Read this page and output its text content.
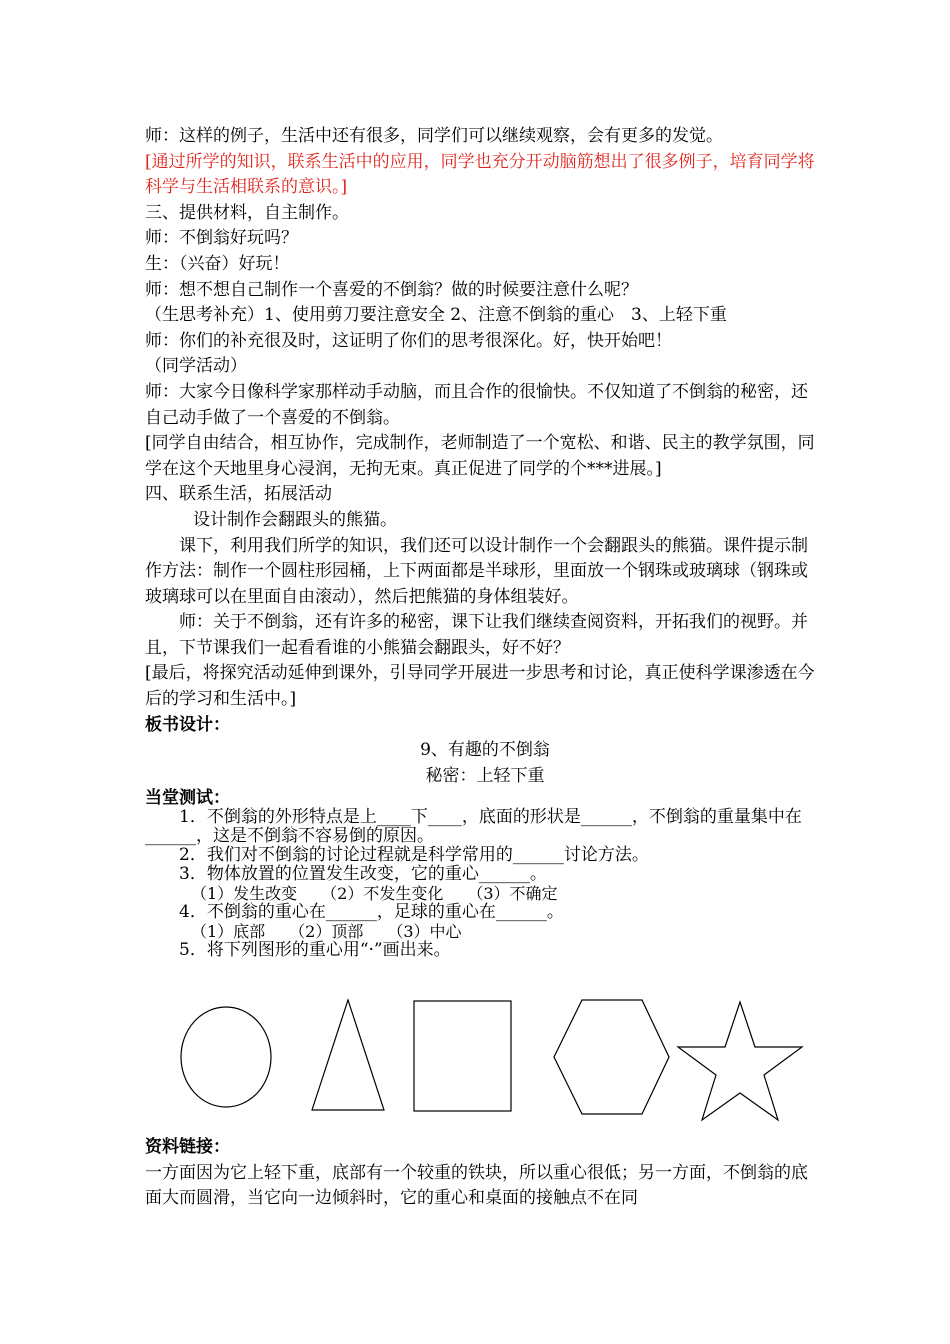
师：这样的例子，生活中还有很多，同学们可以继续观察，会有更多的发觉。

[通过所学的知识，联系生活中的应用，同学也充分开动脑筋想出了很多例子，培育同学将科学与生活相联系的意识。]

三、提供材料，自主制作。

师：不倒翁好玩吗？

生：（兴奋）好玩！

师：想不想自己制作一个喜爱的不倒翁？做的时候要注意什么呢？

（生思考补充）1、使用剪刀要注意安全 2、注意不倒翁的重心　3、上轻下重

师：你们的补充很及时，这证明了你们的思考很深化。好，快开始吧！

（同学活动）

师：大家今日像科学家那样动手动脑，而且合作的很愉快。不仅知道了不倒翁的秘密，还自己动手做了一个喜爱的不倒翁。

[同学自由结合，相互协作，完成制作，老师制造了一个宽松、和谐、民主的教学氛围，同学在这个天地里身心浸润，无拘无束。真正促进了同学的个***进展。]

四、联系生活，拓展活动

设计制作会翻跟头的熊猫。

课下，利用我们所学的知识，我们还可以设计制作一个会翻跟头的熊猫。课件提示制作方法：制作一个圆柱形园桶，上下两面都是半球形，里面放一个钢珠或玻璃球（钢珠或玻璃球可以在里面自由滚动），然后把熊猫的身体组装好。

师：关于不倒翁，还有许多的秘密，课下让我们继续查阅资料，开拓我们的视野。并且，下节课我们一起看看谁的小熊猫会翻跟头，好不好？

[最后，将探究活动延伸到课外，引导同学开展进一步思考和讨论，真正使科学课渗透在今后的学习和生活中。]

板书设计：

9、有趣的不倒翁

秘密：上轻下重

当堂测试：

1．不倒翁的外形特点是上____下____，底面的形状是______，不倒翁的重量集中在______，这是不倒翁不容易倒的原因。

2．我们对不倒翁的讨论过程就是科学常用的______讨论方法。

3．物体放置的位置发生改变，它的重心______。

（1）发生改变　　（2）不发生变化　　（3）不确定

4．不倒翁的重心在______，足球的重心在______。

（1）底部　　（2）顶部　　（3）中心

5．将下列图形的重心用“·”画出来。

资料链接：

一方面因为它上轻下重，底部有一个较重的铁块，所以重心很低；另一方面，不倒翁的底面大而圆滑，当它向一边倾斜时，它的重心和桌面的接触点不在同
